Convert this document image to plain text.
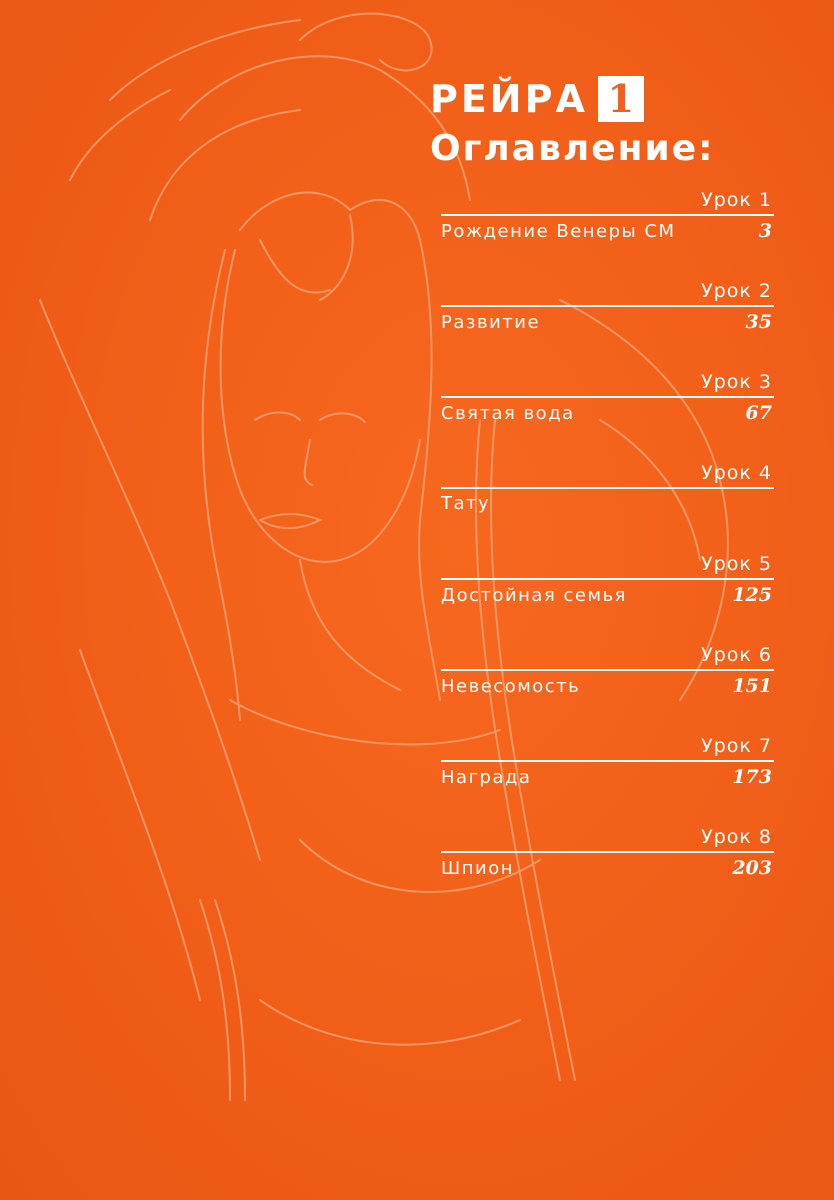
РЕЙРА 1
Оглавление:
Урок 1
Рождение Венеры СМ	3
Урок 2
Развитие	35
Урок 3
Святая вода	67
Урок 4
Тату
Урок 5
Достойная семья	125
Урок 6
Невесомость	151
Урок 7
Награда	173
Урок 8
Шпион	203
